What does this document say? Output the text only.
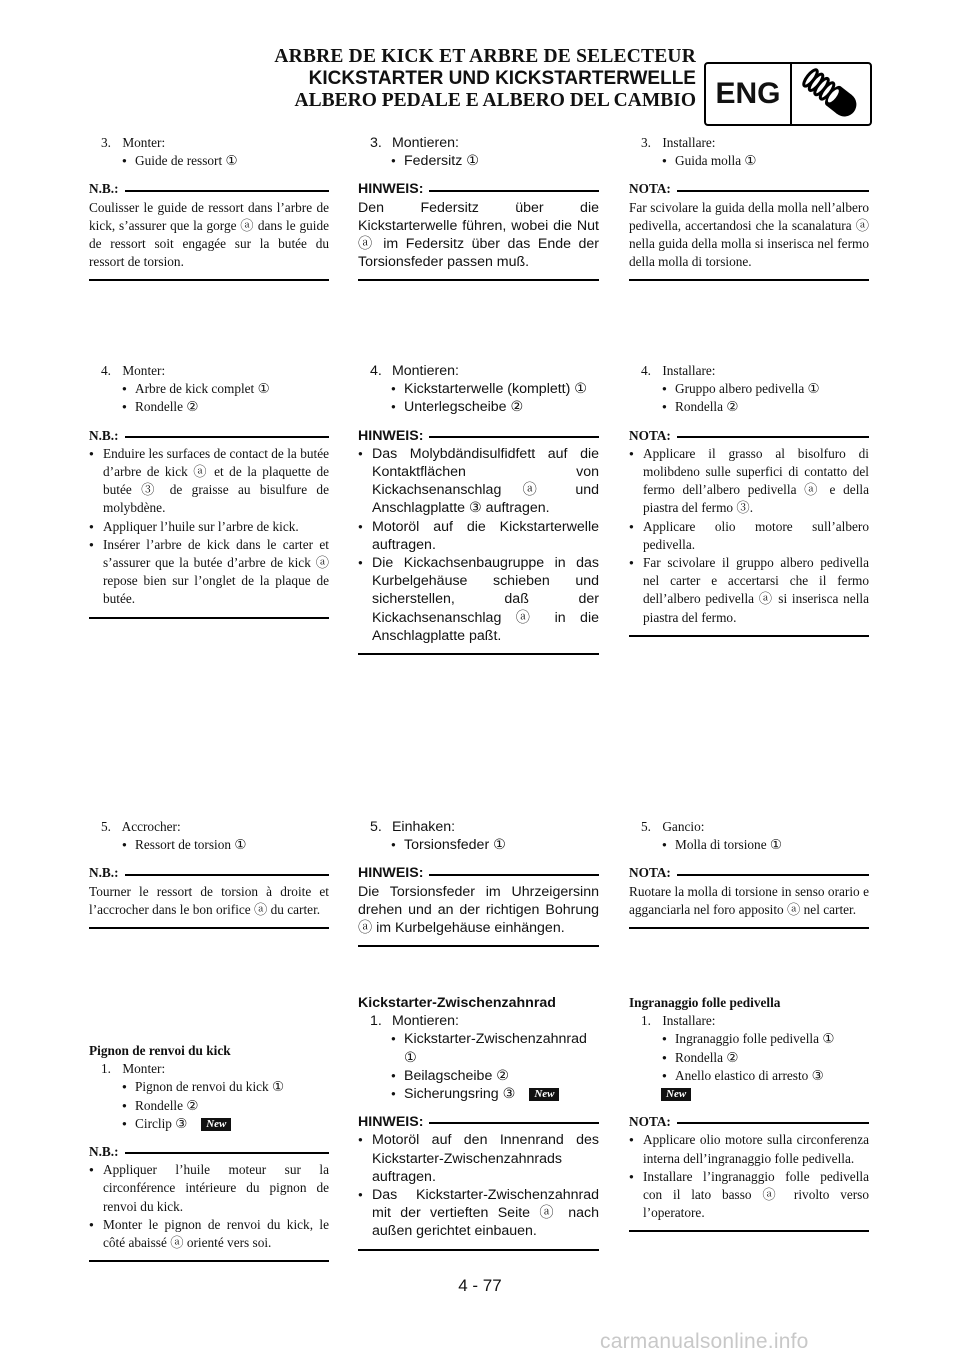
ARBRE DE KICK ET ARBRE DE SELECTEUR
KICKSTARTER UND KICKSTARTERWELLE
ALBERO PEDALE E ALBERO DEL CAMBIO ENG
3. Monter:
● Guide de ressort ①
N.B.:
Coulisser le guide de ressort dans l’arbre de kick, s’assurer que la gorge ⓐ dans le guide de ressort soit engagée sur la butée du ressort de torsion.
4. Monter:
● Arbre de kick complet ①
● Rondelle ②
N.B.:
● Enduire les surfaces de contact de la butée d’arbre de kick ⓐ et de la plaquette de butée ③ de graisse au bisulfure de molybdène.
● Appliquer l’huile sur l’arbre de kick.
● Insérer l’arbre de kick dans le carter et s’assurer que la butée d’arbre de kick ⓐ repose bien sur l’onglet de la plaque de butée.
5. Accrocher:
● Ressort de torsion ①
N.B.:
Tourner le ressort de torsion à droite et l’accrocher dans le bon orifice ⓐ du carter.
Pignon de renvoi du kick
1. Monter:
● Pignon de renvoi du kick ①
● Rondelle ②
● Circlip ③ New
N.B.:
● Appliquer l’huile moteur sur la circonférence intérieure du pignon de renvoi du kick.
● Monter le pignon de renvoi du kick, le côté abaissé ⓐ orienté vers soi.
3. Montieren:
● Federsitz ①
HINWEIS:
Den Federsitz über die Kickstarterwelle führen, wobei die Nut ⓐ im Federsitz über das Ende der Torsionsfeder passen muß.
4. Montieren:
● Kickstarterwelle (komplett) ①
● Unterlegscheibe ②
HINWEIS:
● Das Molybdändisulfidfett auf die Kontaktflächen von Kickachsenanschlag ⓐ und Anschlagplatte ③ auftragen.
● Motoröl auf die Kickstarterwelle auftragen.
● Die Kickachsenbaugruppe in das Kurbelgehäuse schieben und sicherstellen, daß der Kickachsenanschlag ⓐ in die Anschlagplatte paßt.
5. Einhaken:
● Torsionsfeder ①
HINWEIS:
Die Torsionsfeder im Uhrzeigersinn drehen und an der richtigen Bohrung ⓐ im Kurbelgehäuse einhängen.
Kickstarter-Zwischenzahnrad
1. Montieren:
● Kickstarter-Zwischenzahnrad ①
● Beilagscheibe ②
● Sicherungsring ③ New
HINWEIS:
● Motoröl auf den Innenrand des Kickstarter-Zwischenzahnrads auftragen.
● Das Kickstarter-Zwischenzahnrad mit der vertieften Seite ⓐ nach außen gerichtet einbauen.
3. Installare:
● Guida molla ①
NOTA:
Far scivolare la guida della molla nell’albero pedivella, accertandosi che la scanalatura ⓐ nella guida della molla si inserisca nel fermo della molla di torsione.
4. Installare:
● Gruppo albero pedivella ①
● Rondella ②
NOTA:
● Applicare il grasso al bisolfuro di molibdeno sulle superfici di contatto del fermo dell’albero pedivella ⓐ e della piastra del fermo ③.
● Applicare olio motore sull’albero pedivella.
● Far scivolare il gruppo albero pedivella nel carter e accertarsi che il fermo dell’albero pedivella ⓐ si inserisca nella piastra del fermo.
5. Gancio:
● Molla di torsione ①
NOTA:
Ruotare la molla di torsione in senso orario e agganciarla nel foro apposito ⓐ nel carter.
Ingranaggio folle pedivella
1. Installare:
● Ingranaggio folle pedivella ①
● Rondella ②
● Anello elastico di arresto ③
New
NOTA:
● Applicare olio motore sulla circonferenza interna dell’ingranaggio folle pedivella.
● Installare l’ingranaggio folle pedivella con il lato basso ⓐ rivolto verso l’operatore.
4 - 77
carmanualsonline.info
